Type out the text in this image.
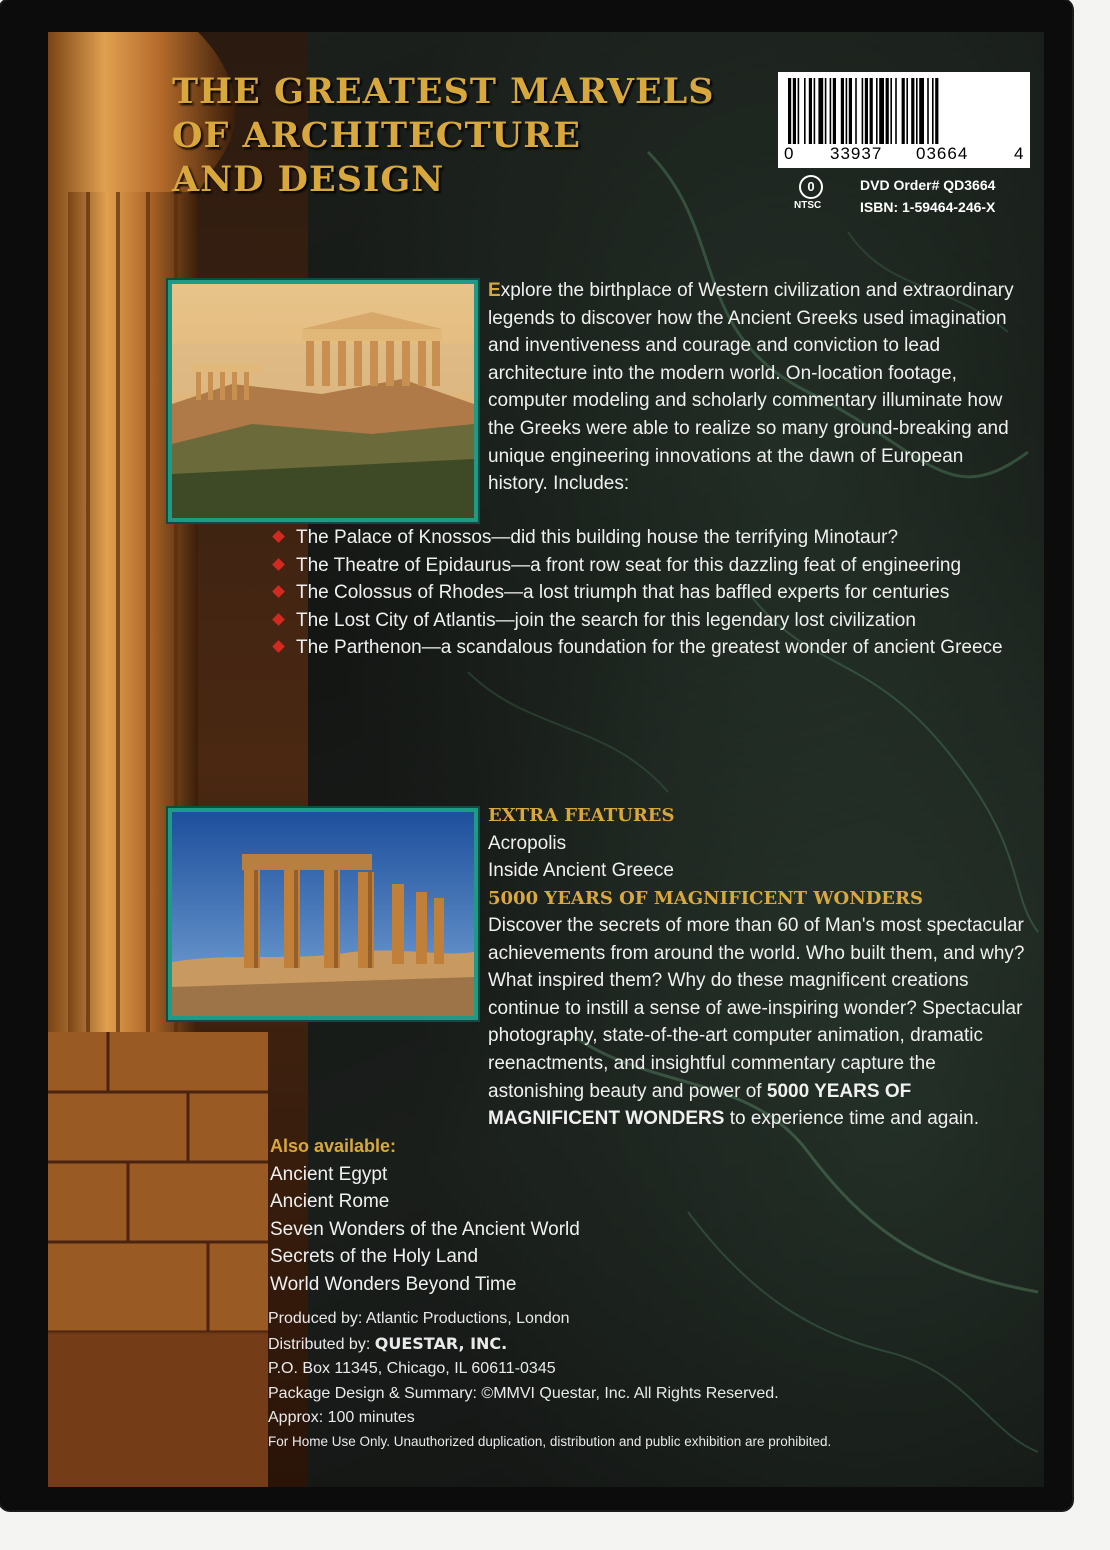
THE GREATEST MARVELS
OF ARCHITECTURE
AND DESIGN
0 33937 03664	4
0
NTSC
DVD Order# QD3664
ISBN: 1-59464-246-X

Explore the birthplace of Western civilization and extraordinary legends to discover how the Ancient Greeks used imagination and inventiveness and courage and conviction to lead architecture into the modern world. On-location footage, computer modeling and scholarly commentary illuminate how the Greeks were able to realize so many ground-breaking and unique engineering innovations at the dawn of European history. Includes:

The Palace of Knossos—did this building house the terrifying Minotaur?
The Theatre of Epidaurus—a front row seat for this dazzling feat of engineering
The Colossus of Rhodes—a lost triumph that has baffled experts for centuries
The Lost City of Atlantis—join the search for this legendary lost civilization
The Parthenon—a scandalous foundation for the greatest wonder of ancient Greece
EXTRA FEATURES
Acropolis
Inside Ancient Greece
5000 YEARS OF MAGNIFICENT WONDERS

Discover the secrets of more than 60 of Man's most spectacular achievements from around the world. Who built them, and why? What inspired them? Why do these magnificent creations continue to instill a sense of awe-inspiring wonder? Spectacular photography, state-of-the-art computer animation, dramatic reenactments, and insightful commentary capture the astonishing beauty and power of 5000 YEARS OF MAGNIFICENT WONDERS to experience time and again.

Also available:
Ancient Egypt
Ancient Rome
Seven Wonders of the Ancient World
Secrets of the Holy Land
World Wonders Beyond Time
Produced by: Atlantic Productions, London
Distributed by: QUESTAR, INC.
P.O. Box 11345, Chicago, IL 60611-0345
Package Design & Summary: ©MMVI Questar, Inc. All Rights Reserved.
Approx: 100 minutes
For Home Use Only. Unauthorized duplication, distribution and public exhibition are prohibited.
